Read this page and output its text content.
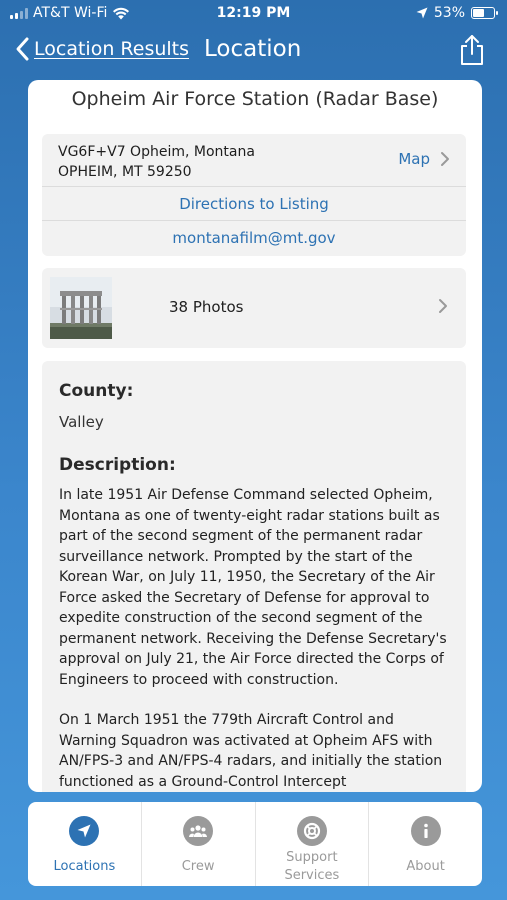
AT&T Wi-Fi	12:19 PM	53%
Location Results Location
Opheim Air Force Station (Radar Base)
VG6F+V7 Opheim, Montana
OPHEIM, MT 59250
Map
Directions to Listing
montanafilm@mt.gov
38 Photos
County:
Valley
Description:

In late 1951 Air Defense Command selected Opheim, Montana as one of twenty-eight radar stations built as part of the second segment of the permanent radar surveillance network. Prompted by the start of the Korean War, on July 11, 1950, the Secretary of the Air Force asked the Secretary of Defense for approval to expedite construction of the second segment of the permanent network. Receiving the Defense Secretary's approval on July 21, the Air Force directed the Corps of Engineers to proceed with construction.

On 1 March 1951 the 779th Aircraft Control and Warning Squadron was activated at Opheim AFS with AN/FPS-3 and AN/FPS-4 radars, and initially the station functioned as a Ground-Control Intercept

Locations	Crew
Support Services
About
